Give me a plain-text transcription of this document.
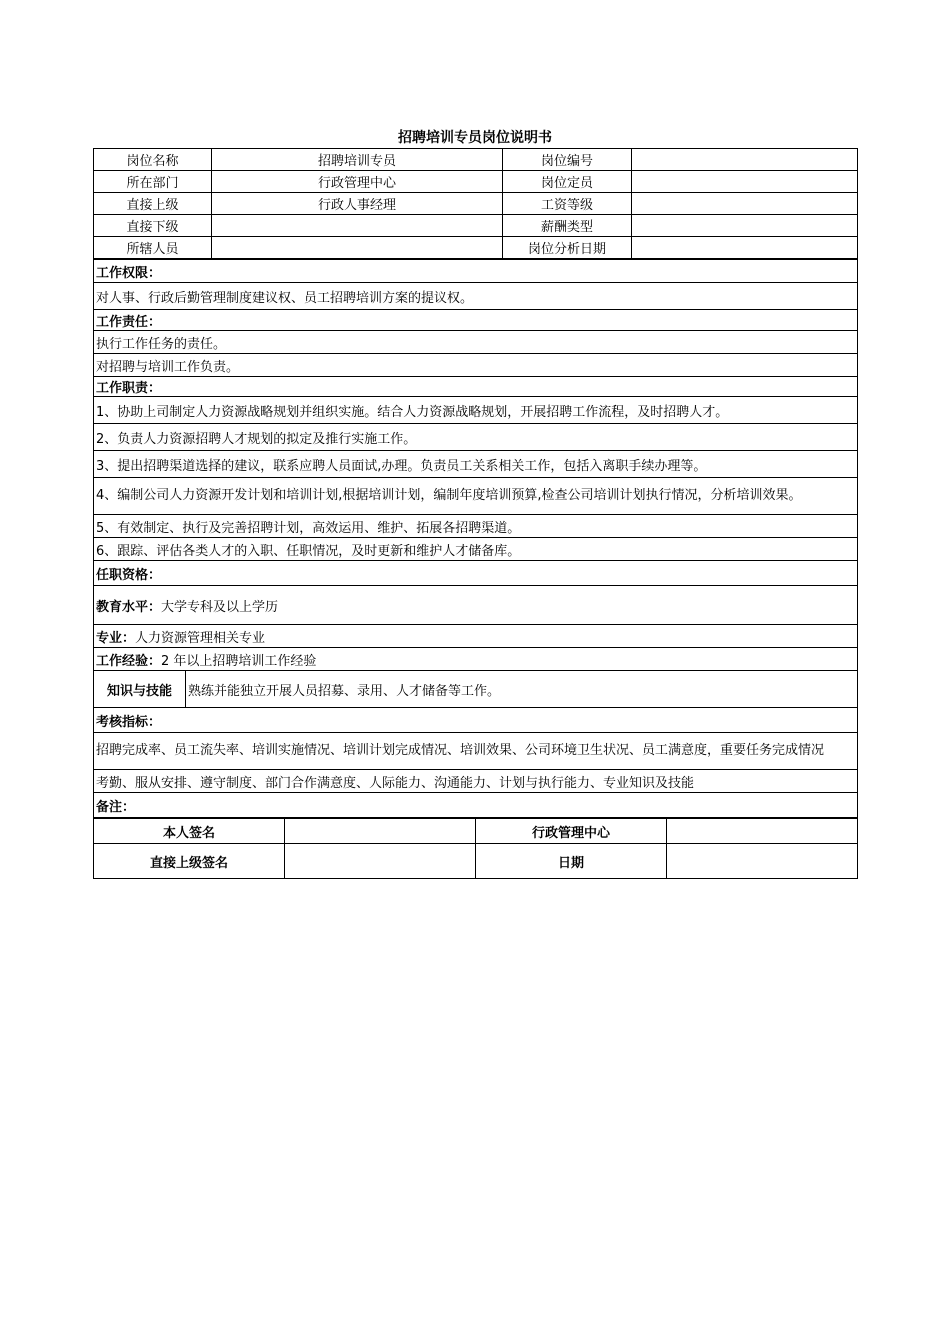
招聘培训专员岗位说明书
岗位名称	招聘培训专员	岗位编号	
所在部门	行政管理中心	岗位定员	
直接上级	行政人事经理	工资等级	
直接下级		薪酬类型	
所辖人员		岗位分析日期	
工作权限：
对人事、行政后勤管理制度建议权、员工招聘培训方案的提议权。
工作责任：
执行工作任务的责任。
对招聘与培训工作负责。
工作职责：
1、协助上司制定人力资源战略规划并组织实施。结合人力资源战略规划，开展招聘工作流程，及时招聘人才。
2、负责人力资源招聘人才规划的拟定及推行实施工作。
3、提出招聘渠道选择的建议，联系应聘人员面试,办理。负责员工关系相关工作，包括入离职手续办理等。
4、编制公司人力资源开发计划和培训计划,根据培训计划，编制年度培训预算,检查公司培训计划执行情况，分析培训效果。
5、有效制定、执行及完善招聘计划，高效运用、维护、拓展各招聘渠道。
6、跟踪、评估各类人才的入职、任职情况，及时更新和维护人才储备库。
任职资格：
教育水平：大学专科及以上学历
专业：人力资源管理相关专业
工作经验：2 年以上招聘培训工作经验
知识与技能	熟练并能独立开展人员招募、录用、人才储备等工作。
考核指标：
招聘完成率、员工流失率、培训实施情况、培训计划完成情况、培训效果、公司环境卫生状况、员工满意度，重要任务完成情况
考勤、服从安排、遵守制度、部门合作满意度、人际能力、沟通能力、计划与执行能力、专业知识及技能
备注：
本人签名		行政管理中心	
直接上级签名		日期	
